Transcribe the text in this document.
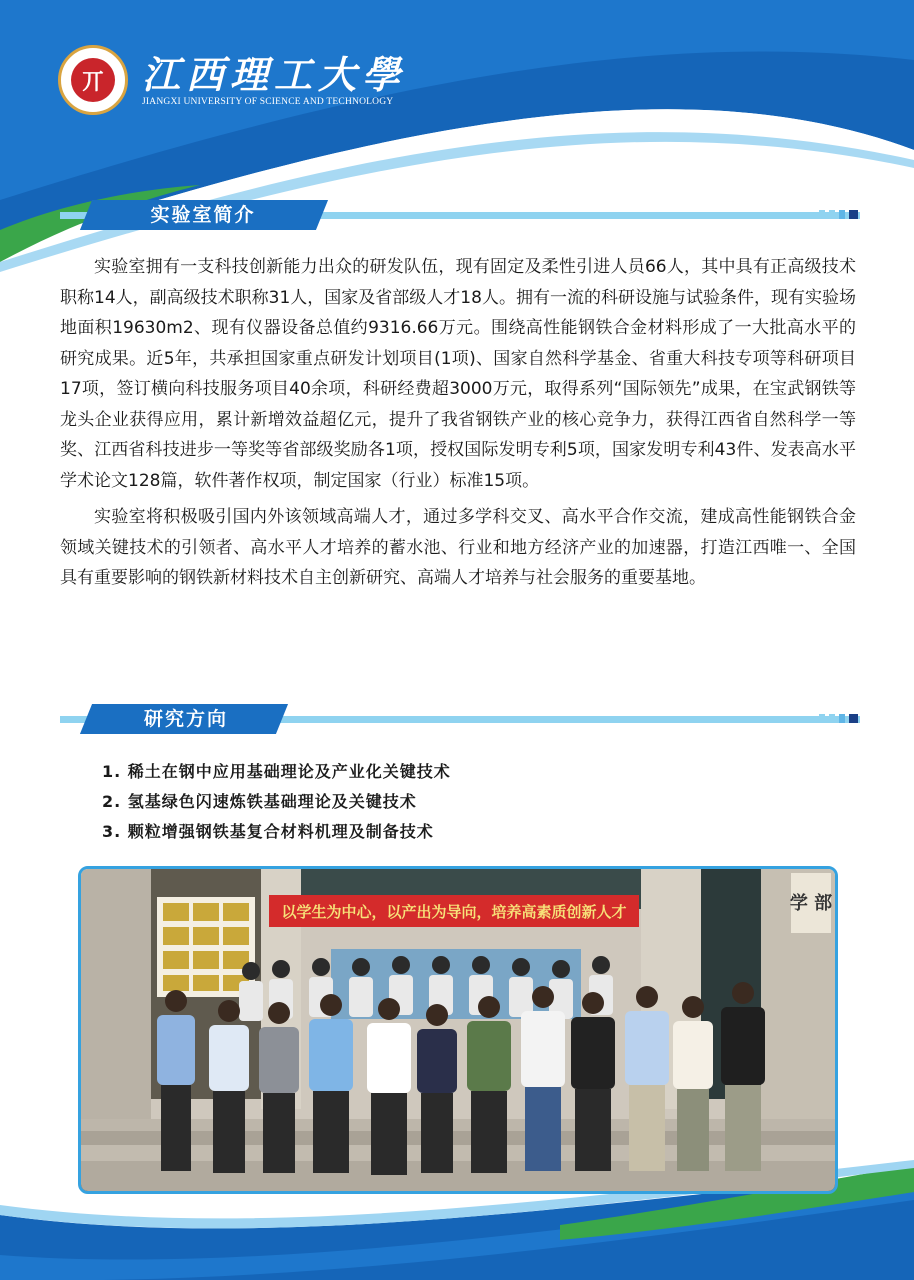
丌 江西理工大學
JIANGXI UNIVERSITY OF SCIENCE AND TECHNOLOGY
实验室简介

实验室拥有一支科技创新能力出众的研发队伍，现有固定及柔性引进人员66人，其中具有正高级技术职称14人，副高级技术职称31人，国家及省部级人才18人。拥有一流的科研设施与试验条件，现有实验场地面积19630m2、现有仪器设备总值约9316.66万元。围绕高性能钢铁合金材料形成了一大批高水平的研究成果。近5年，共承担国家重点研发计划项目(1项)、国家自然科学基金、省重大科技专项等科研项目17项，签订横向科技服务项目40余项，科研经费超3000万元，取得系列“国际领先”成果，在宝武钢铁等龙头企业获得应用，累计新增效益超亿元，提升了我省钢铁产业的核心竞争力，获得江西省自然科学一等奖、江西省科技进步一等奖等省部级奖励各1项，授权国际发明专利5项，国家发明专利43件、发表高水平学术论文128篇，软件著作权项，制定国家（行业）标准15项。

实验室将积极吸引国内外该领域高端人才，通过多学科交叉、高水平合作交流，建成高性能钢铁合金领域关键技术的引领者、高水平人才培养的蓄水池、行业和地方经济产业的加速器，打造江西唯一、全国具有重要影响的钢铁新材料技术自主创新研究、高端人才培养与社会服务的重要基地。

研究方向
1. 稀土在钢中应用基础理论及产业化关键技术
2. 氢基绿色闪速炼铁基础理论及关键技术
3. 颗粒增强钢铁基复合材料机理及制备技术
以学生为中心，以产出为导向，培养高素质创新人才	学 部
